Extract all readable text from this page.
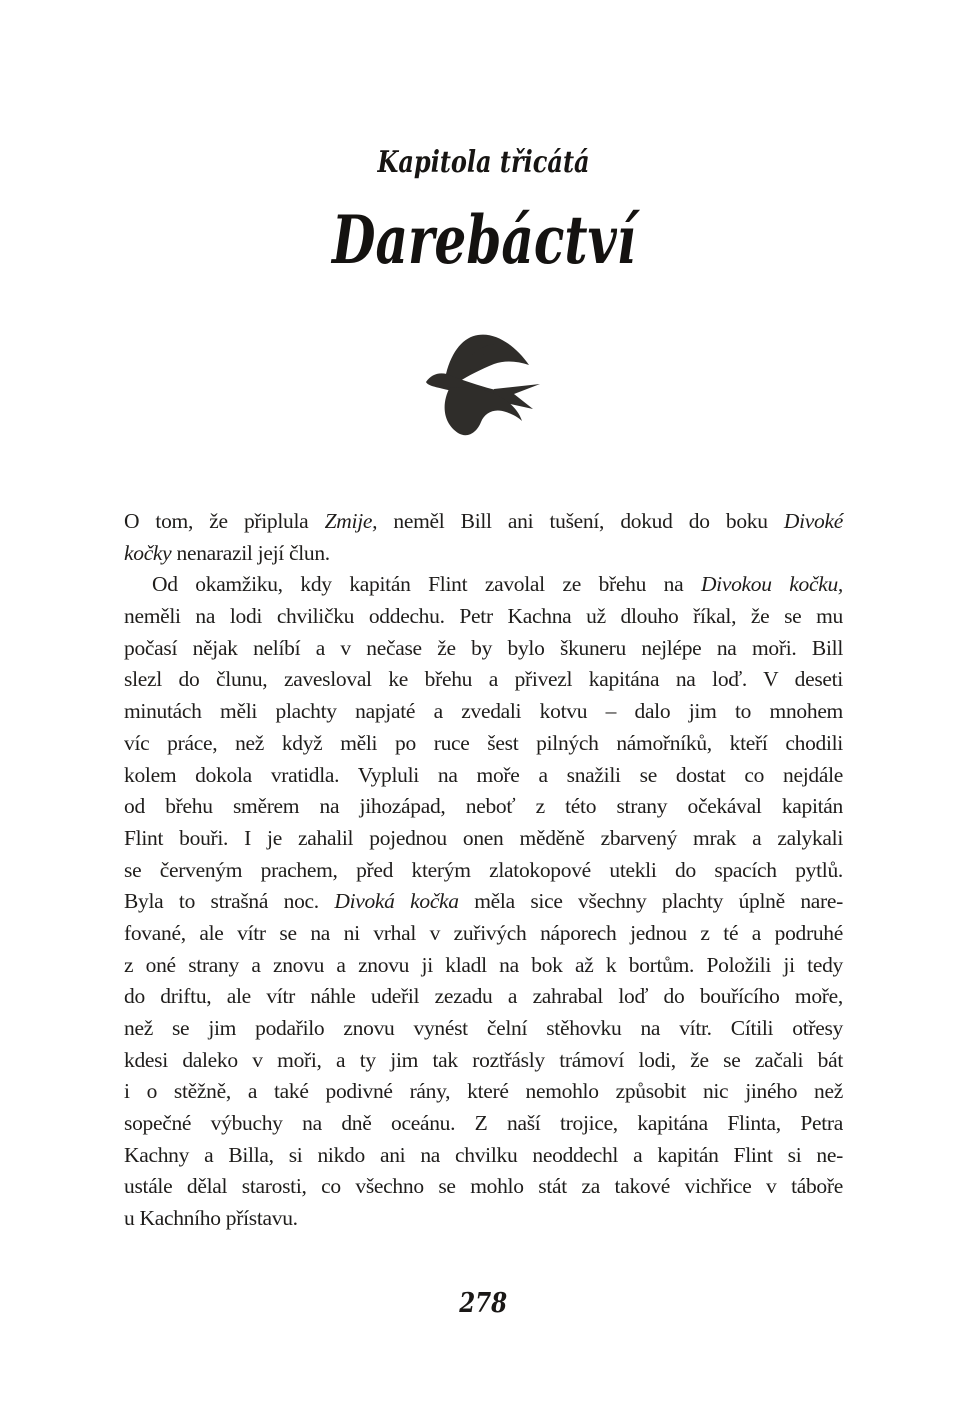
Kapitola třicátá
Darebáctví
O tom, že připlula Zmije, neměl Bill ani tušení, dokud do boku Divoké
kočky nenarazil její člun.
Od okamžiku, kdy kapitán Flint zavolal ze břehu na Divokou kočku,
neměli na lodi chviličku oddechu. Petr Kachna už dlouho říkal, že se mu
počasí nějak nelíbí a v nečase že by bylo škuneru nejlépe na moři. Bill
slezl do člunu, zavesloval ke břehu a přivezl kapitána na loď. V deseti
minutách měli plachty napjaté a zvedali kotvu – dalo jim to mnohem
víc práce, než když měli po ruce šest pilných námořníků, kteří chodili
kolem dokola vratidla. Vypluli na moře a snažili se dostat co nejdále
od břehu směrem na jihozápad, neboť z této strany očekával kapitán
Flint bouři. I je zahalil pojednou onen měděně zbarvený mrak a zalykali
se červeným prachem, před kterým zlatokopové utekli do spacích pytlů.
Byla to strašná noc. Divoká kočka měla sice všechny plachty úplně nare-
fované, ale vítr se na ni vrhal v zuřivých náporech jednou z té a podruhé
z oné strany a znovu a znovu ji kladl na bok až k bortům. Položili ji tedy
do driftu, ale vítr náhle udeřil zezadu a zahrabal loď do bouřícího moře,
než se jim podařilo znovu vynést čelní stěhovku na vítr. Cítili otřesy
kdesi daleko v moři, a ty jim tak roztřásly trámoví lodi, že se začali bát
i o stěžně, a také podivné rány, které nemohlo způsobit nic jiného než
sopečné výbuchy na dně oceánu. Z naší trojice, kapitána Flinta, Petra
Kachny a Billa, si nikdo ani na chvilku neoddechl a kapitán Flint si ne-
ustále dělal starosti, co všechno se mohlo stát za takové vichřice v táboře
u Kachního přístavu.
278
